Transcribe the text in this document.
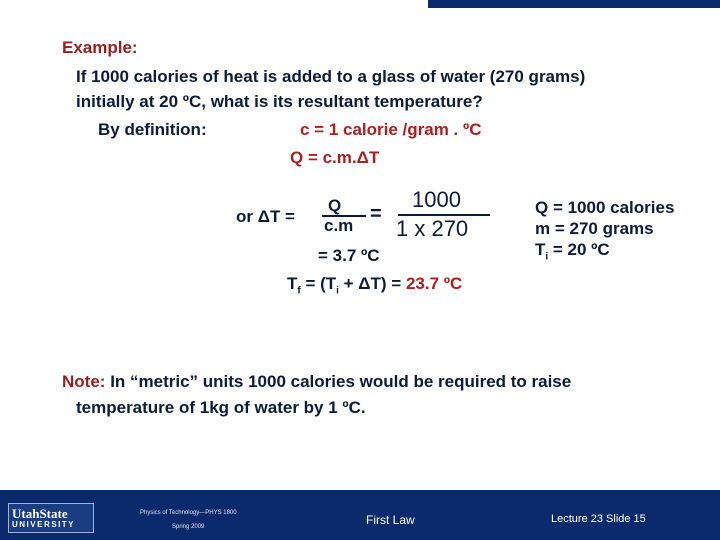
Example:
If 1000 calories of heat is added to a glass of water (270 grams)
initially at 20 ºC, what is its resultant temperature?
By definition:	c = 1 calorie /gram . ºC
Q = c.m.ΔT
or ΔT =
Q
c.m
=
1000
1 x 270
= 3.7 ºC
$T_f = (T_i + \Delta T) = 23.7$ ºC
Q = 1000 calories
m = 270 grams
$T_i = 20$ ºC
Note: In “metric” units 1000 calories would be required to raise
temperature of 1kg of water by 1 ºC.
UtahState
UNIVERSITY
Physics of Technology—PHYS 1800
Spring 2009	First Law	Lecture 23 Slide 15
